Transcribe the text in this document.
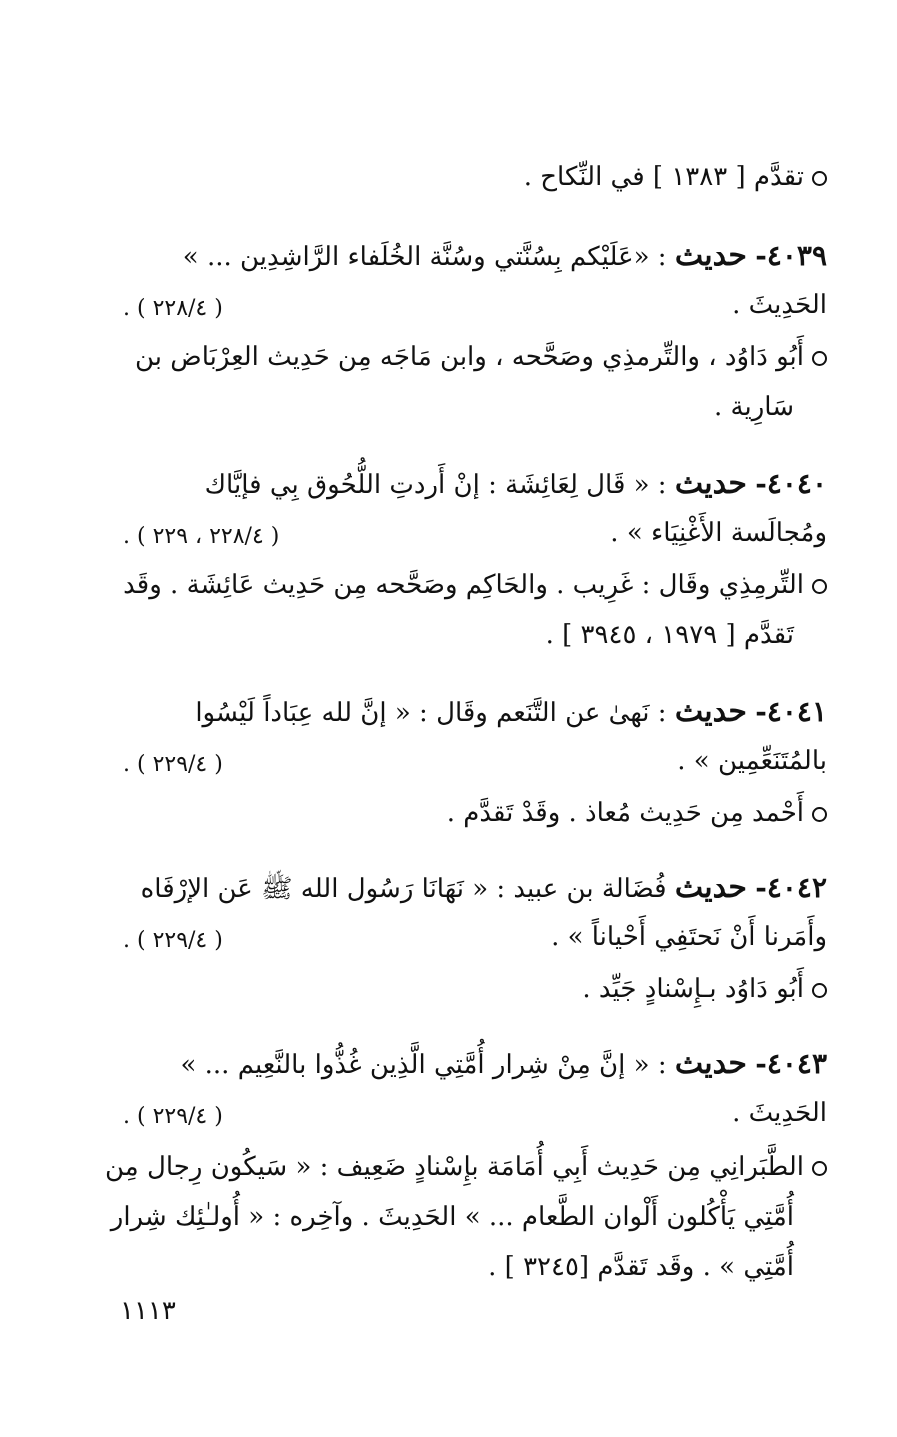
تقدَّم [ ١٣٨٣ ] في النِّكاح .
٤٠٣٩- حديث : «عَلَيْكم بِسُنَّتي وسُنَّة الخُلَفاء الرَّاشِدِين ... »
الحَدِيثَ .
( ٢٢٨/٤ ) .
أَبُو دَاوُد ، والتِّرمذِي وصَحَّحه ، وابن مَاجَه مِن حَدِيث العِرْبَاض بن
سَارِية .
٤٠٤٠- حديث : « قَال لِعَائِشَة : إنْ أَردتِ اللُّحُوق بِي فإيَّاك
ومُجالَسة الأَغْنِيَاء » .
( ٢٢٨/٤ ، ٢٢٩ ) .
التِّرمِذِي وقَال : غَرِيب . والحَاكِم وصَحَّحه مِن حَدِيث عَائِشَة . وقَد
تَقدَّم [ ١٩٧٩ ، ٣٩٤٥ ] .
٤٠٤١- حديث : نَهىٰ عن التَّنَعم وقَال : « إنَّ لله عِبَاداً لَيْسُوا
بالمُتَنَعِّمِين » .
( ٢٢٩/٤ ) .
أَحْمد مِن حَدِيث مُعاذ . وقَدْ تَقدَّم .
٤٠٤٢- حديث فُضَالة بن عبيد : « نَهَانَا رَسُول الله ﷺ عَن الإرْفَاه
وأَمَرنا أَنْ نَحتَفِي أَحْياناً » .
( ٢٢٩/٤ ) .
أَبُو دَاوُد بـإِسْنادٍ جَيِّد .
٤٠٤٣- حديث : « إنَّ مِنْ شِرار أُمَّتِي الَّذِين غُذُّوا بالنَّعِيم ... »
الحَدِيثَ .
( ٢٢٩/٤ ) .
الطَّبَرانِي مِن حَدِيث أَبِي أُمَامَة بإِسْنادٍ ضَعِيف : « سَيكُون رِجال مِن
أُمَّتِي يَأْكُلون أَلْوان الطَّعام ... » الحَدِيثَ . وآخِره : « أُولـٰئِك شِرار
أُمَّتِي » . وقَد تَقدَّم [٣٢٤٥ ] .
١١١٣
